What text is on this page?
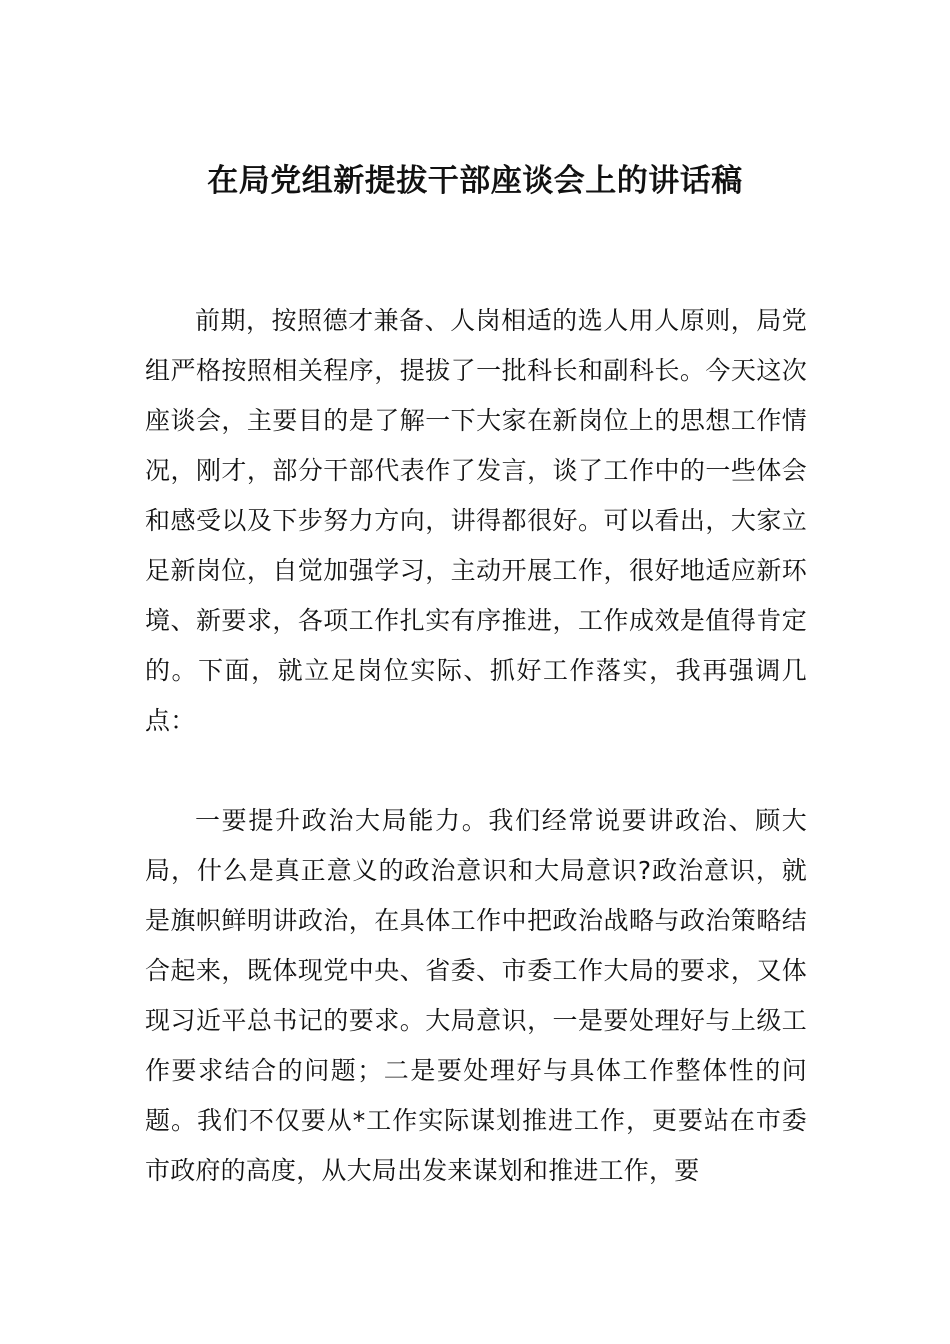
在局党组新提拔干部座谈会上的讲话稿

前期，按照德才兼备、人岗相适的选人用人原则，局党组严格按照相关程序，提拔了一批科长和副科长。今天这次座谈会，主要目的是了解一下大家在新岗位上的思想工作情况，刚才，部分干部代表作了发言，谈了工作中的一些体会和感受以及下步努力方向，讲得都很好。可以看出，大家立足新岗位，自觉加强学习，主动开展工作，很好地适应新环境、新要求，各项工作扎实有序推进，工作成效是值得肯定的。下面，就立足岗位实际、抓好工作落实，我再强调几点：

一要提升政治大局能力。我们经常说要讲政治、顾大局，什么是真正意义的政治意识和大局意识?政治意识，就是旗帜鲜明讲政治，在具体工作中把政治战略与政治策略结合起来，既体现党中央、省委、市委工作大局的要求，又体现习近平总书记的要求。大局意识，一是要处理好与上级工作要求结合的问题；二是要处理好与具体工作整体性的问题。我们不仅要从*工作实际谋划推进工作，更要站在市委市政府的高度，从大局出发来谋划和推进工作，要
